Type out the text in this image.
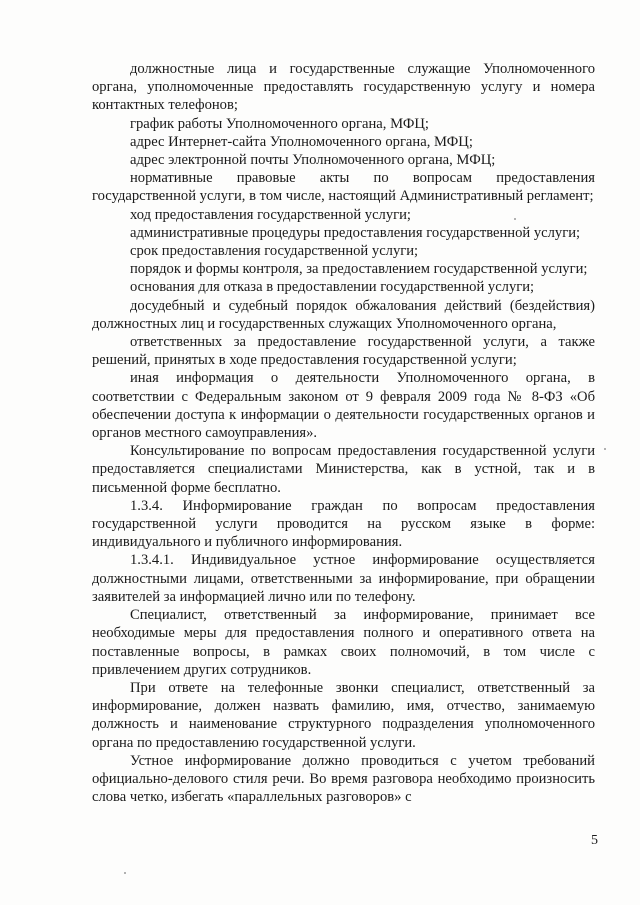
должностные лица и государственные служащие Уполномоченного органа, уполномоченные предоставлять государственную услугу и номера контактных телефонов;

график работы Уполномоченного органа, МФЦ;

адрес Интернет-сайта Уполномоченного органа, МФЦ;

адрес электронной почты Уполномоченного органа, МФЦ;

нормативные правовые акты по вопросам предоставления государственной услуги, в том числе, настоящий Административный регламент;

ход предоставления государственной услуги;

административные процедуры предоставления государственной услуги;

срок предоставления государственной услуги;

порядок и формы контроля, за предоставлением государственной услуги;

основания для отказа в предоставлении государственной услуги;

досудебный и судебный порядок обжалования действий (бездействия) должностных лиц и государственных служащих Уполномоченного органа,

ответственных за предоставление государственной услуги, а также решений, принятых в ходе предоставления государственной услуги;

иная информация о деятельности Уполномоченного органа, в соответствии с Федеральным законом от 9 февраля 2009 года № 8-ФЗ «Об обеспечении доступа к информации о деятельности государственных органов и органов местного самоуправления».

Консультирование по вопросам предоставления государственной услуги предоставляется специалистами Министерства, как в устной, так и в письменной форме бесплатно.

1.3.4. Информирование граждан по вопросам предоставления государственной услуги проводится на русском языке в форме: индивидуального и публичного информирования.

1.3.4.1. Индивидуальное устное информирование осуществляется должностными лицами, ответственными за информирование, при обращении заявителей за информацией лично или по телефону.

Специалист, ответственный за информирование, принимает все необходимые меры для предоставления полного и оперативного ответа на поставленные вопросы, в рамках своих полномочий, в том числе с привлечением других сотрудников.

При ответе на телефонные звонки специалист, ответственный за информирование, должен назвать фамилию, имя, отчество, занимаемую должность и наименование структурного подразделения уполномоченного органа по предоставлению государственной услуги.

Устное информирование должно проводиться с учетом требований официально-делового стиля речи. Во время разговора необходимо произносить слова четко, избегать «параллельных разговоров» с

5
